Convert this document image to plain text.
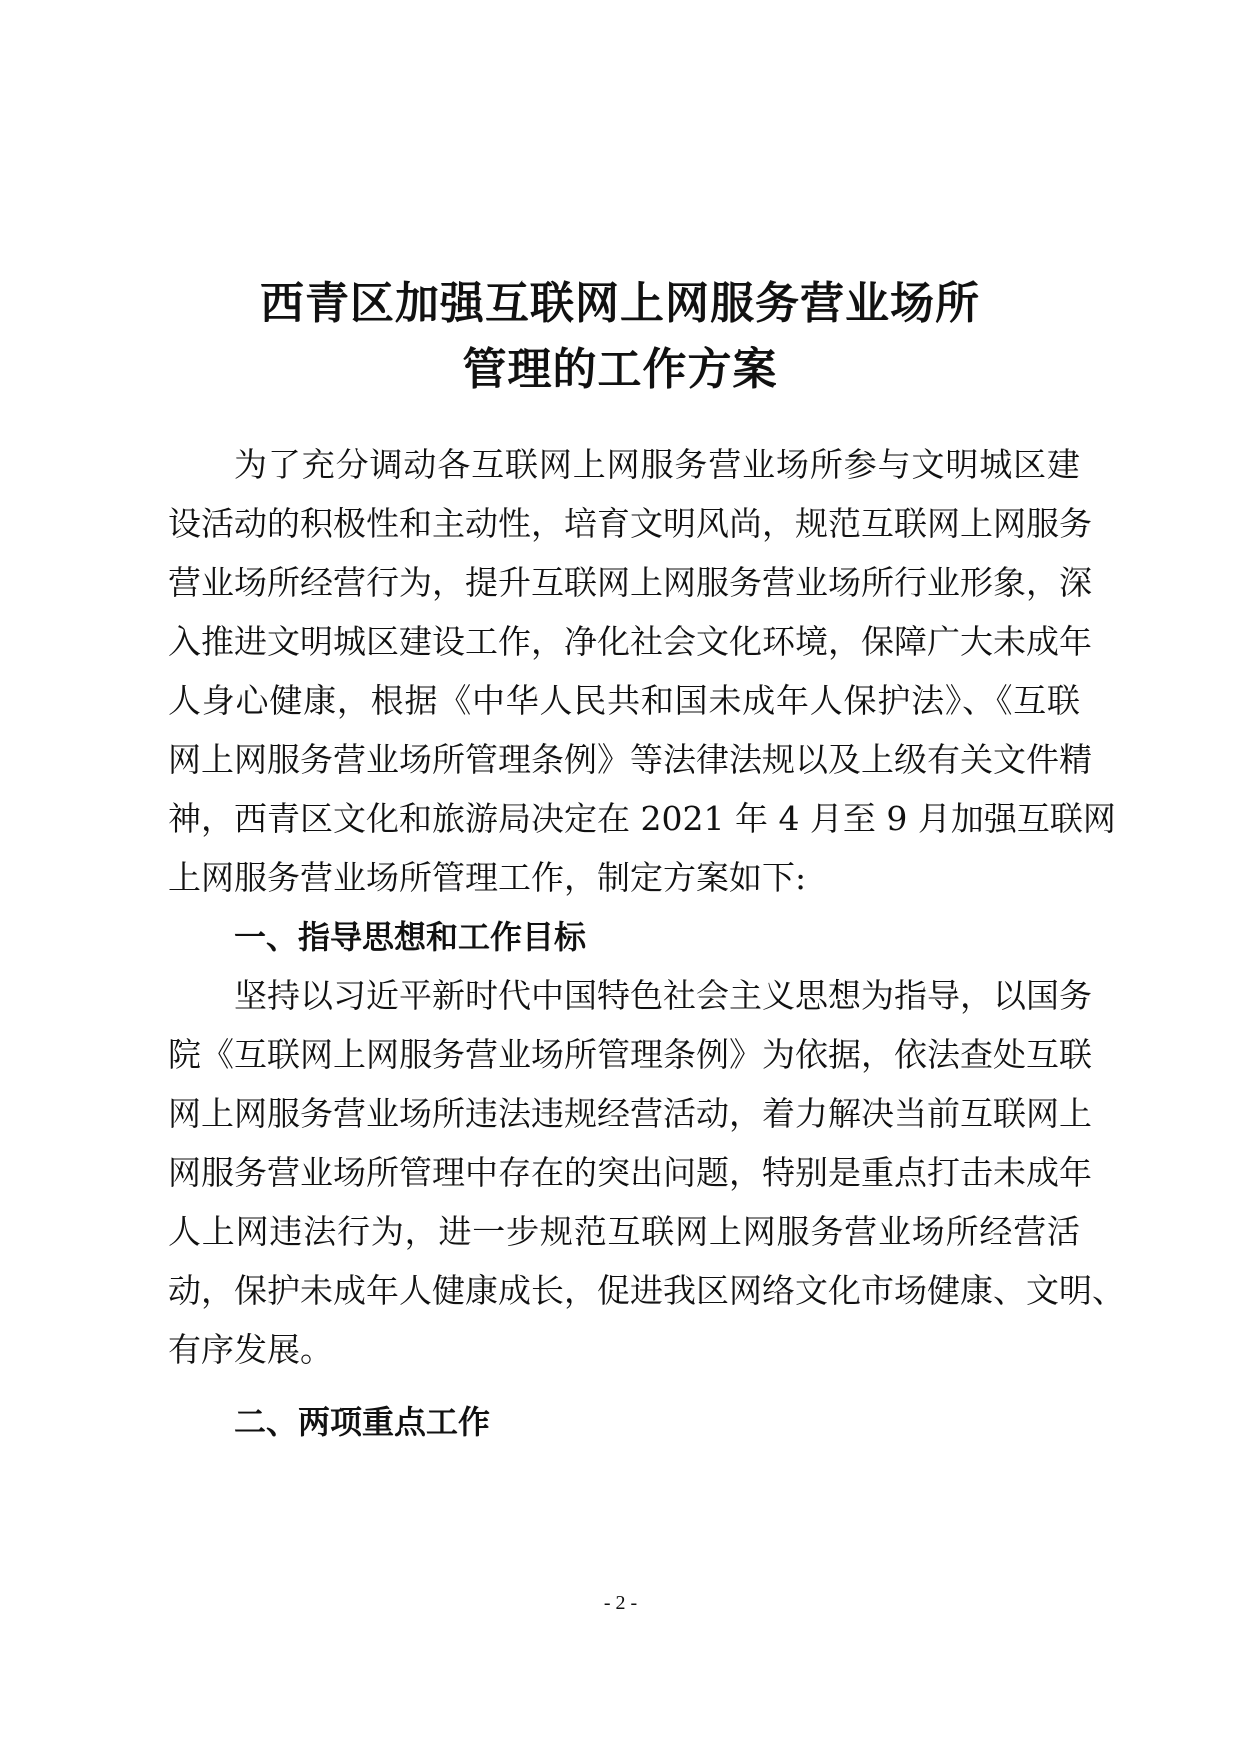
西青区加强互联网上网服务营业场所
管理的工作方案
为了充分调动各互联网上网服务营业场所参与文明城区建
设活动的积极性和主动性，培育文明风尚，规范互联网上网服务
营业场所经营行为，提升互联网上网服务营业场所行业形象，深
入推进文明城区建设工作，净化社会文化环境，保障广大未成年
人身心健康，根据《中华人民共和国未成年人保护法》、《互联
网上网服务营业场所管理条例》等法律法规以及上级有关文件精
神，西青区文化和旅游局决定在 2021 年 4 月至 9 月加强互联网
上网服务营业场所管理工作，制定方案如下:
一、指导思想和工作目标
坚持以习近平新时代中国特色社会主义思想为指导，以国务
院《互联网上网服务营业场所管理条例》为依据，依法查处互联
网上网服务营业场所违法违规经营活动，着力解决当前互联网上
网服务营业场所管理中存在的突出问题，特别是重点打击未成年
人上网违法行为，进一步规范互联网上网服务营业场所经营活
动，保护未成年人健康成长，促进我区网络文化市场健康、文明、
有序发展。
二、两项重点工作
- 2 -
